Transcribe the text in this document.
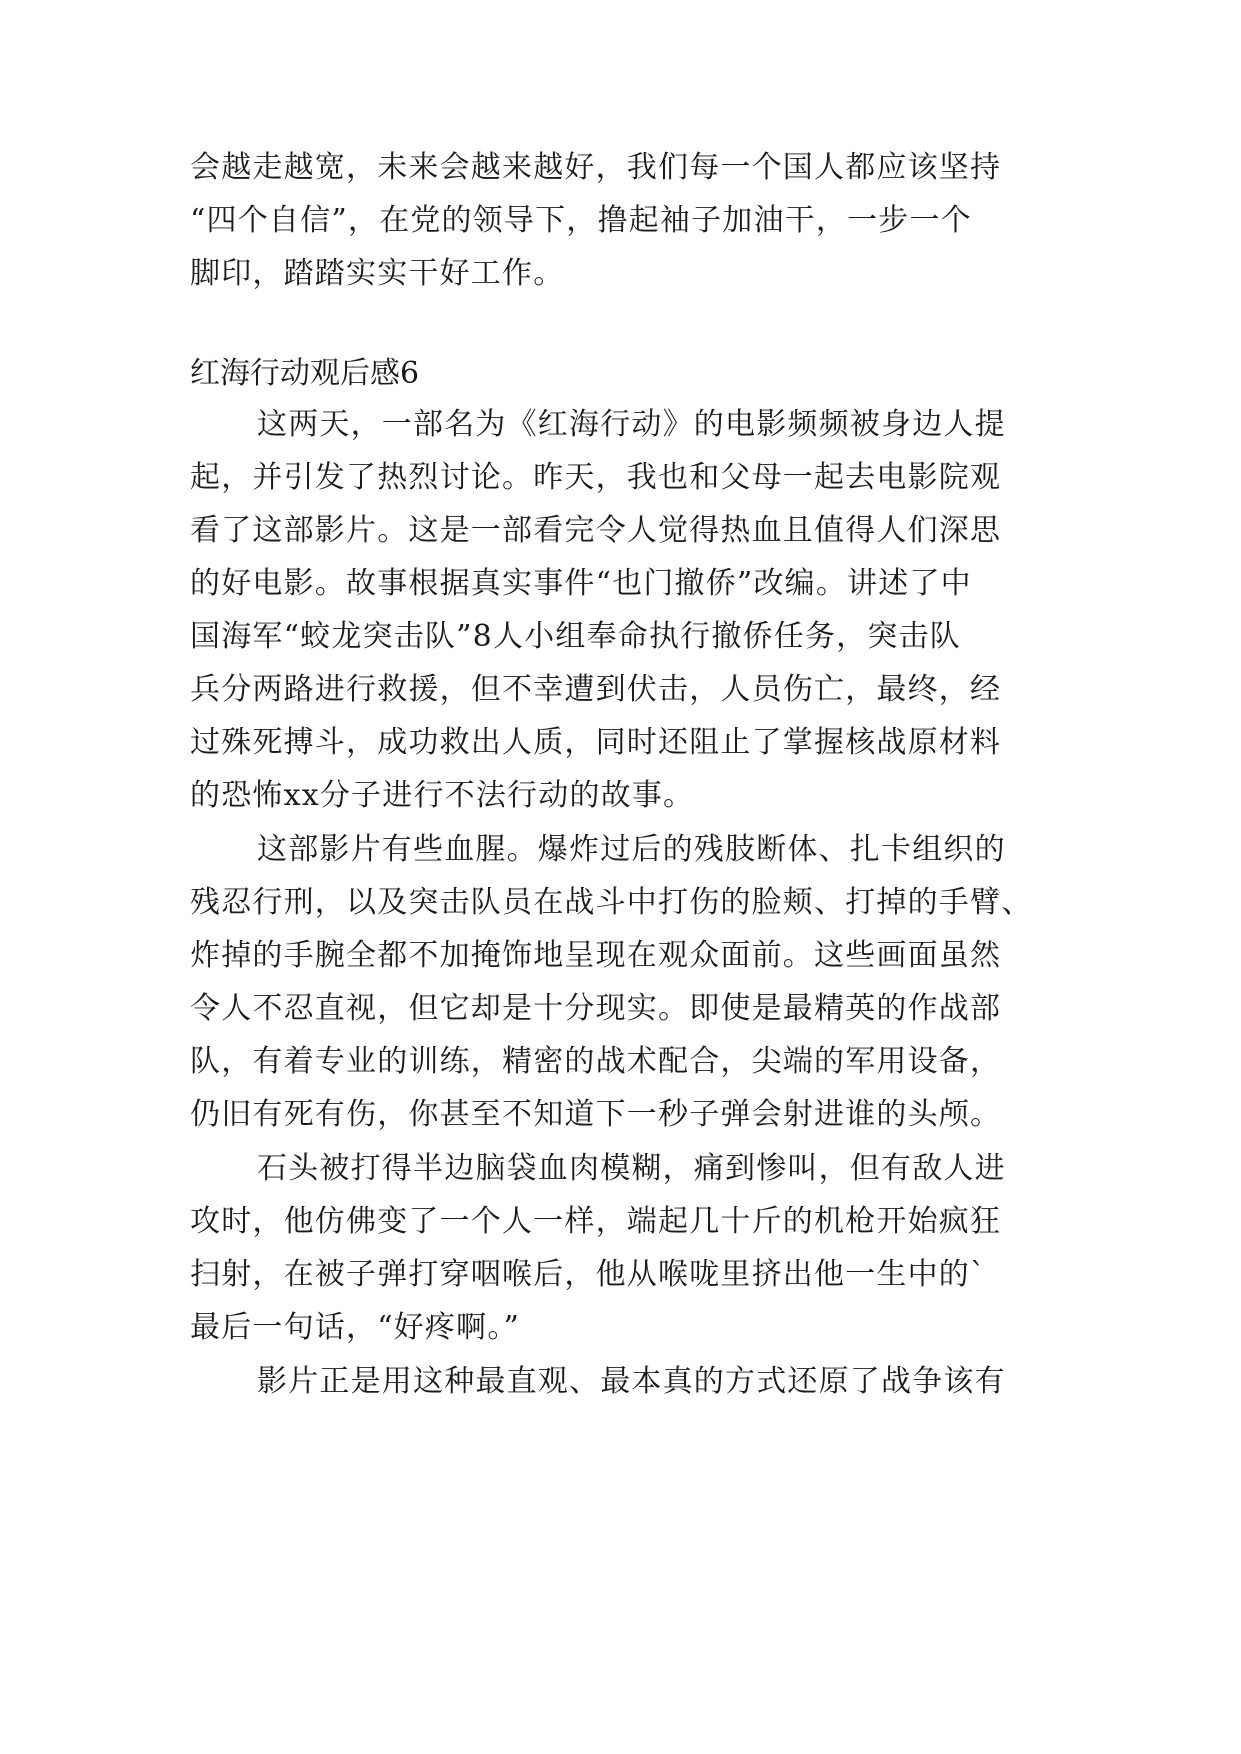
会越走越宽，未来会越来越好，我们每一个国人都应该坚持
“四个自信”，在党的领导下，撸起袖子加油干，一步一个
脚印，踏踏实实干好工作。
红海行动观后感6
这两天，一部名为《红海行动》的电影频频被身边人提
起，并引发了热烈讨论。昨天，我也和父母一起去电影院观
看了这部影片。这是一部看完令人觉得热血且值得人们深思
的好电影。故事根据真实事件“也门撤侨”改编。讲述了中
国海军“蛟龙突击队”8人小组奉命执行撤侨任务，突击队
兵分两路进行救援，但不幸遭到伏击，人员伤亡，最终，经
过殊死搏斗，成功救出人质，同时还阻止了掌握核战原材料
的恐怖xx分子进行不法行动的故事。
这部影片有些血腥。爆炸过后的残肢断体、扎卡组织的
残忍行刑，以及突击队员在战斗中打伤的脸颊、打掉的手臂、
炸掉的手腕全都不加掩饰地呈现在观众面前。这些画面虽然
令人不忍直视，但它却是十分现实。即使是最精英的作战部
队，有着专业的训练，精密的战术配合，尖端的军用设备，
仍旧有死有伤，你甚至不知道下一秒子弹会射进谁的头颅。
石头被打得半边脑袋血肉模糊，痛到惨叫，但有敌人进
攻时，他仿佛变了一个人一样，端起几十斤的机枪开始疯狂
扫射，在被子弹打穿咽喉后，他从喉咙里挤出他一生中的`
最后一句话，“好疼啊。”
影片正是用这种最直观、最本真的方式还原了战争该有
